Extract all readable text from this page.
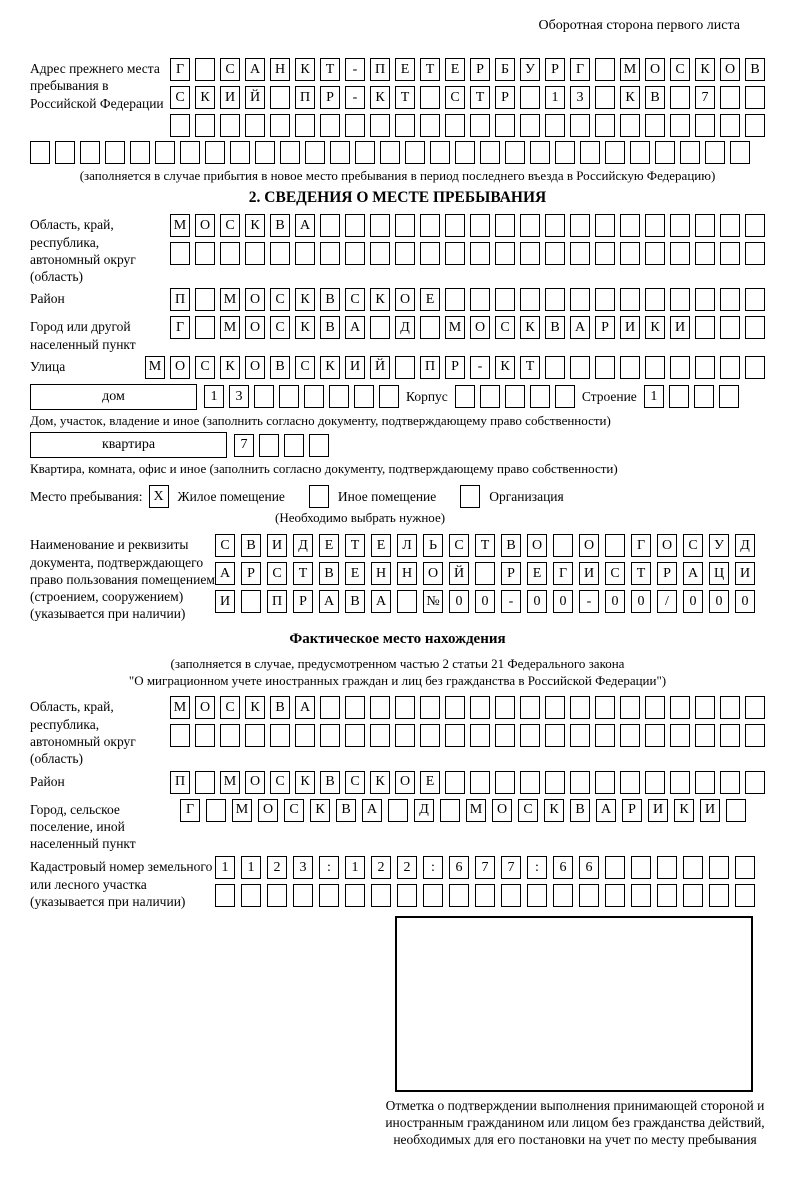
Оборотная сторона первого листа
Адрес прежнего места пребывания в Российской Федерации
Г	С	А	Н	К	Т	-	П	Е	Т	Е	Р	Б	У	Р	Г	М О	С	К	О	В
С	К	И	Й	П	Р	-	К	Т	С	Т	Р	1	3	К	В	7
(заполняется в случае прибытия в новое место пребывания в период последнего въезда в Российскую Федерацию)
2. СВЕДЕНИЯ О МЕСТЕ ПРЕБЫВАНИЯ
Область, край, республика, автономный округ (область)
М О	С	К	В	А
Район	П	М О	С	К	В	С	К	О	Е
Город или другой населенный пункт
Г	М О	С	К	В	А	Д	М О	С	К	В	А	Р	И	К	И
Улица	М О	С	К	О	В	С	К	И	Й	П	Р	-	К	Т
дом	1	3	Корпус	Строение 1
Дом, участок, владение и иное (заполнить согласно документу, подтверждающему право собственности)
квартира	7
Квартира, комната, офис и иное (заполнить согласно документу, подтверждающему право собственности)
Место пребывания: X	Жилое помещение	Иное помещение	Организация
(Необходимо выбрать нужное)
Наименование и реквизиты документа, подтверждающего право пользования помещением (строением, сооружением) (указывается при наличии)
С	В	И	Д	Е	Т	Е	Л	Ь	С	Т	В	О	О	Г	О	С	У	Д
А	Р	С	Т	В	Е	Н	Н	О	Й	Р	Е	Г	И	С	Т	Р	А	Ц	И
И	П	Р	А	В	А	№	0	0	-	0	0	-	0	0	/	0	0	0
Фактическое место нахождения
(заполняется в случае, предусмотренном частью 2 статьи 21 Федерального закона
"О миграционном учете иностранных граждан и лиц без гражданства в Российской Федерации")
Область, край, республика, автономный округ (область)
М О	С	К	В	А
Район	П	М О	С	К	В	С	К	О	Е
Город, сельское поселение, иной населенный пункт
Г	М	О	С	К	В	А	Д	М	О	С	К	В	А	Р	И	К	И
Кадастровый номер земельного или лесного участка (указывается при наличии)
1	1	2	3	:	1	2	2	:	6	7	7	:	6	6
Отметка о подтверждении выполнения принимающей стороной и иностранным гражданином или лицом без гражданства действий, необходимых для его постановки на учет по месту пребывания
